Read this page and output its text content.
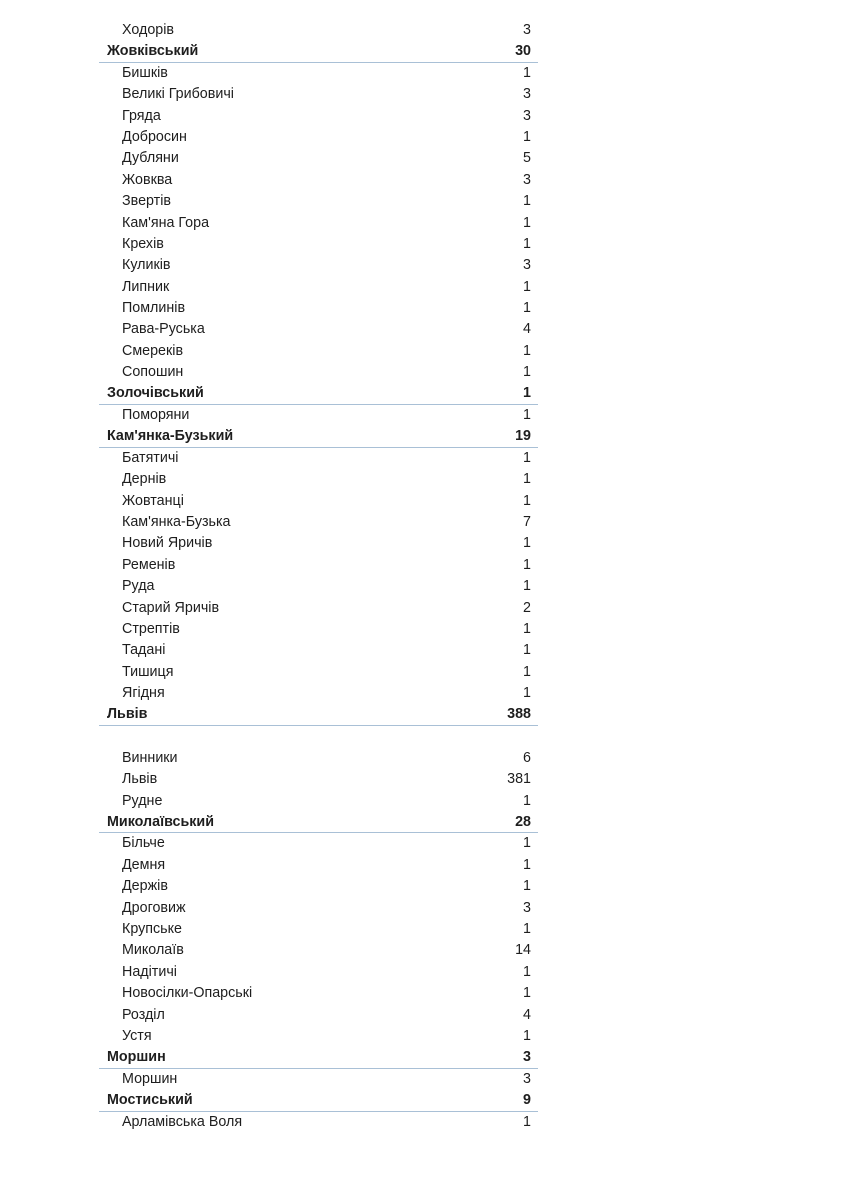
Ходорів	3
Жовківський	30
Бишків	1
Великі Грибовичі	3
Гряда	3
Добросин	1
Дубляни	5
Жовква	3
Звертів	1
Кам'яна Гора	1
Крехів	1
Куликів	3
Липник	1
Помлинів	1
Рава-Руська	4
Смереків	1
Сопошин	1
Золочівський	1
Поморяни	1
Кам'янка-Бузький	19
Батятичі	1
Дернів	1
Жовтанці	1
Кам'янка-Бузька	7
Новий Яричів	1
Ременів	1
Руда	1
Старий Яричів	2
Стрептів	1
Тадані	1
Тишиця	1
Ягідня	1
Львів	388
Винники	6
Львів	381
Рудне	1
Миколаївський	28
Більче	1
Демня	1
Держів	1
Дроговиж	3
Крупське	1
Миколаїв	14
Надітичі	1
Новосілки-Опарські	1
Розділ	4
Устя	1
Моршин	3
Моршин	3
Мостиський	9
Арламівська Воля	1
